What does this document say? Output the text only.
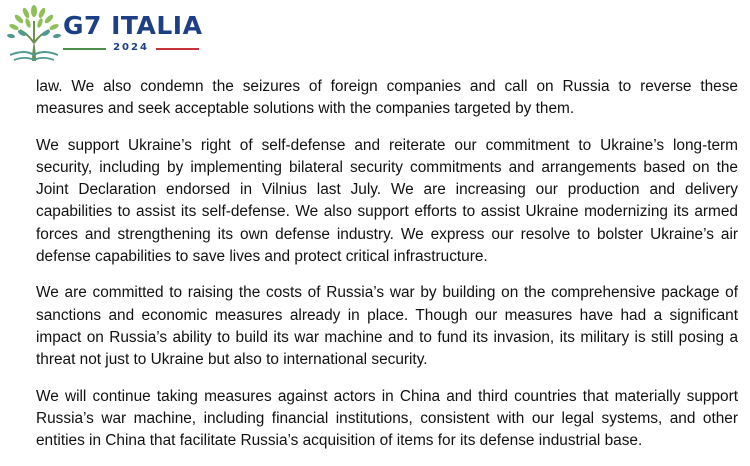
G7 ITALIA
2024

law. We also condemn the seizures of foreign companies and call on Russia to reverse these measures and seek acceptable solutions with the companies targeted by them.

We support Ukraine’s right of self-defense and reiterate our commitment to Ukraine’s long-term security, including by implementing bilateral security commitments and arrangements based on the Joint Declaration endorsed in Vilnius last July. We are increasing our production and delivery capabilities to assist its self-defense. We also support efforts to assist Ukraine modernizing its armed forces and strengthening its own defense industry. We express our resolve to bolster Ukraine’s air defense capabilities to save lives and protect critical infrastructure.

We are committed to raising the costs of Russia’s war by building on the comprehensive package of sanctions and economic measures already in place. Though our measures have had a significant impact on Russia’s ability to build its war machine and to fund its invasion, its military is still posing a threat not just to Ukraine but also to international security.

We will continue taking measures against actors in China and third countries that materially support Russia’s war machine, including financial institutions, consistent with our legal systems, and other entities in China that facilitate Russia’s acquisition of items for its defense industrial base.
